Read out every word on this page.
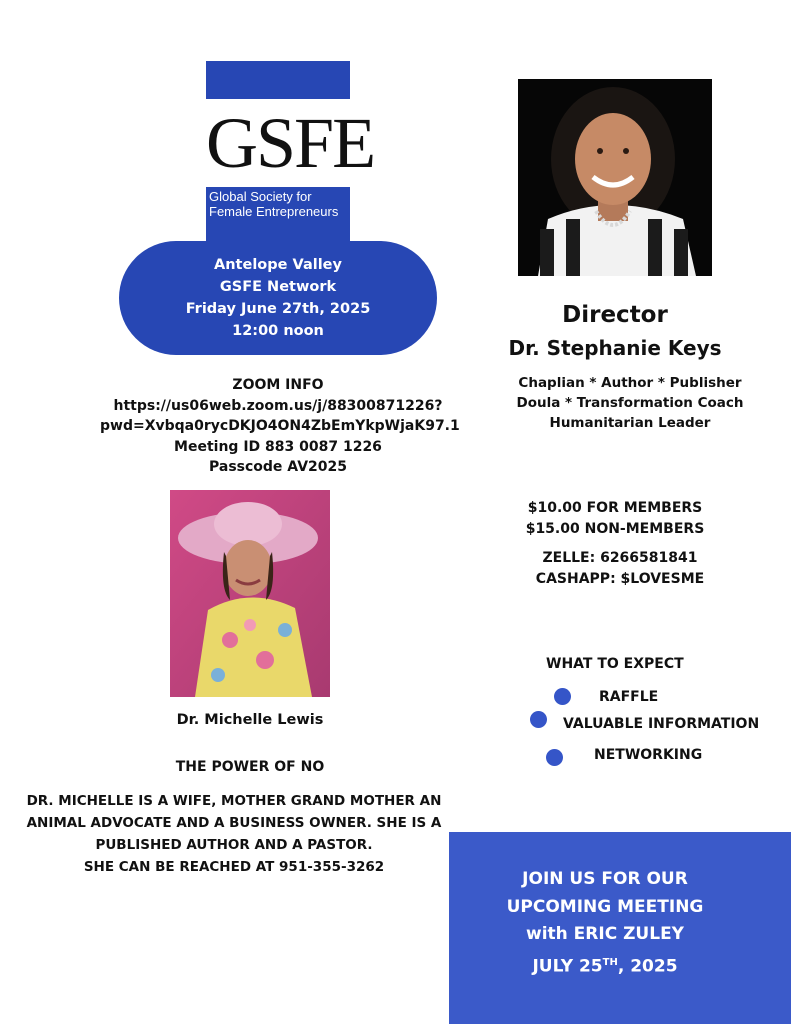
GSFE
Global Society for
Female Entrepreneurs
Antelope Valley
GSFE Network
Friday June 27th, 2025
12:00 noon
ZOOM INFO
https://us06web.zoom.us/j/88300871226?
pwd=Xvbqa0rycDKJO4ON4ZbEmYkpWjaK97.1
Meeting ID 883 0087 1226
Passcode AV2025
Director
Dr. Stephanie Keys
Chaplian * Author * Publisher
Doula * Transformation Coach
Humanitarian Leader
$10.00 FOR MEMBERS
$15.00 NON-MEMBERS
ZELLE: 6266581841
CASHAPP: $LOVESME
Dr. Michelle Lewis
THE POWER OF NO
DR. MICHELLE IS A WIFE, MOTHER GRAND MOTHER AN
ANIMAL ADVOCATE AND A BUSINESS OWNER. SHE IS A
PUBLISHED AUTHOR AND A PASTOR.
SHE CAN BE REACHED AT 951-355-3262
WHAT TO EXPECT
RAFFLE
VALUABLE INFORMATION
NETWORKING
JOIN US FOR OUR
UPCOMING MEETING
with ERIC ZULEY
JULY 25TH, 2025
